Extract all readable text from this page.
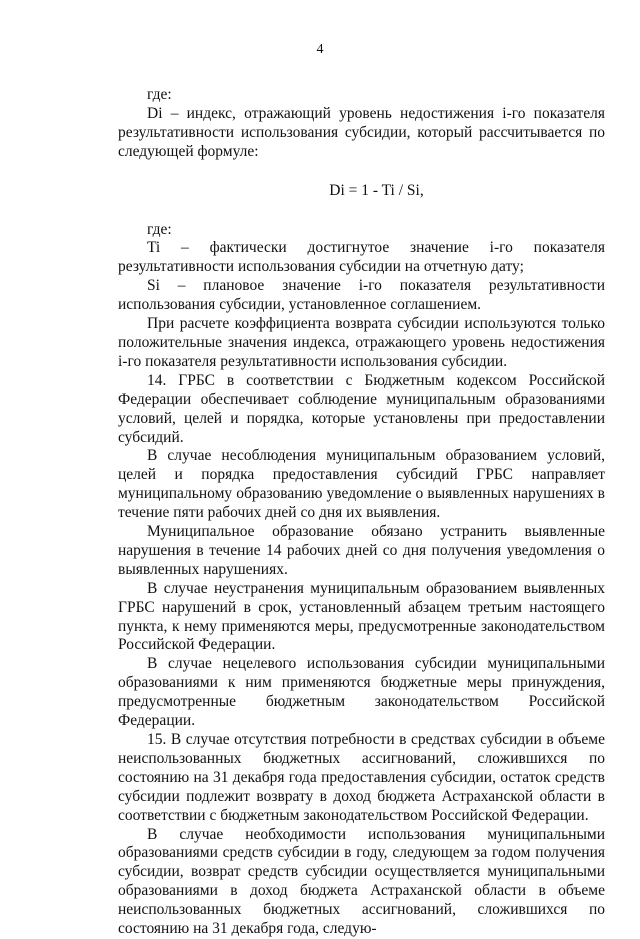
4

где:

Di – индекс, отражающий уровень недостижения i-го показателя результативности использования субсидии, который рассчитывается по следующей формуле:

Di = 1 - Ti / Si,

где:

Ti – фактически достигнутое значение i-го показателя результативности использования субсидии на отчетную дату;

Si – плановое значение i-го показателя результативности использования субсидии, установленное соглашением.

При расчете коэффициента возврата субсидии используются только положительные значения индекса, отражающего уровень недостижения i-го показателя результативности использования субсидии.

14. ГРБС в соответствии с Бюджетным кодексом Российской Федерации обеспечивает соблюдение муниципальным образованиями условий, целей и порядка, которые установлены при предоставлении субсидий.

В случае несоблюдения муниципальным образованием условий, целей и порядка предоставления субсидий ГРБС направляет муниципальному образованию уведомление о выявленных нарушениях в течение пяти рабочих дней со дня их выявления.

Муниципальное образование обязано устранить выявленные нарушения в течение 14 рабочих дней со дня получения уведомления о выявленных нарушениях.

В случае неустранения муниципальным образованием выявленных ГРБС нарушений в срок, установленный абзацем третьим настоящего пункта, к нему применяются меры, предусмотренные законодательством Российской Федерации.

В случае нецелевого использования субсидии муниципальными образованиями к ним применяются бюджетные меры принуждения, предусмотренные бюджетным законодательством Российской Федерации.

15. В случае отсутствия потребности в средствах субсидии в объеме неиспользованных бюджетных ассигнований, сложившихся по состоянию на 31 декабря года предоставления субсидии, остаток средств субсидии подлежит возврату в доход бюджета Астраханской области в соответствии с бюджетным законодательством Российской Федерации.

В случае необходимости использования муниципальными образованиями средств субсидии в году, следующем за годом получения субсидии, возврат средств субсидии осуществляется муниципальными образованиями в доход бюджета Астраханской области в объеме неиспользованных бюджетных ассигнований, сложившихся по состоянию на 31 декабря года, следую-
